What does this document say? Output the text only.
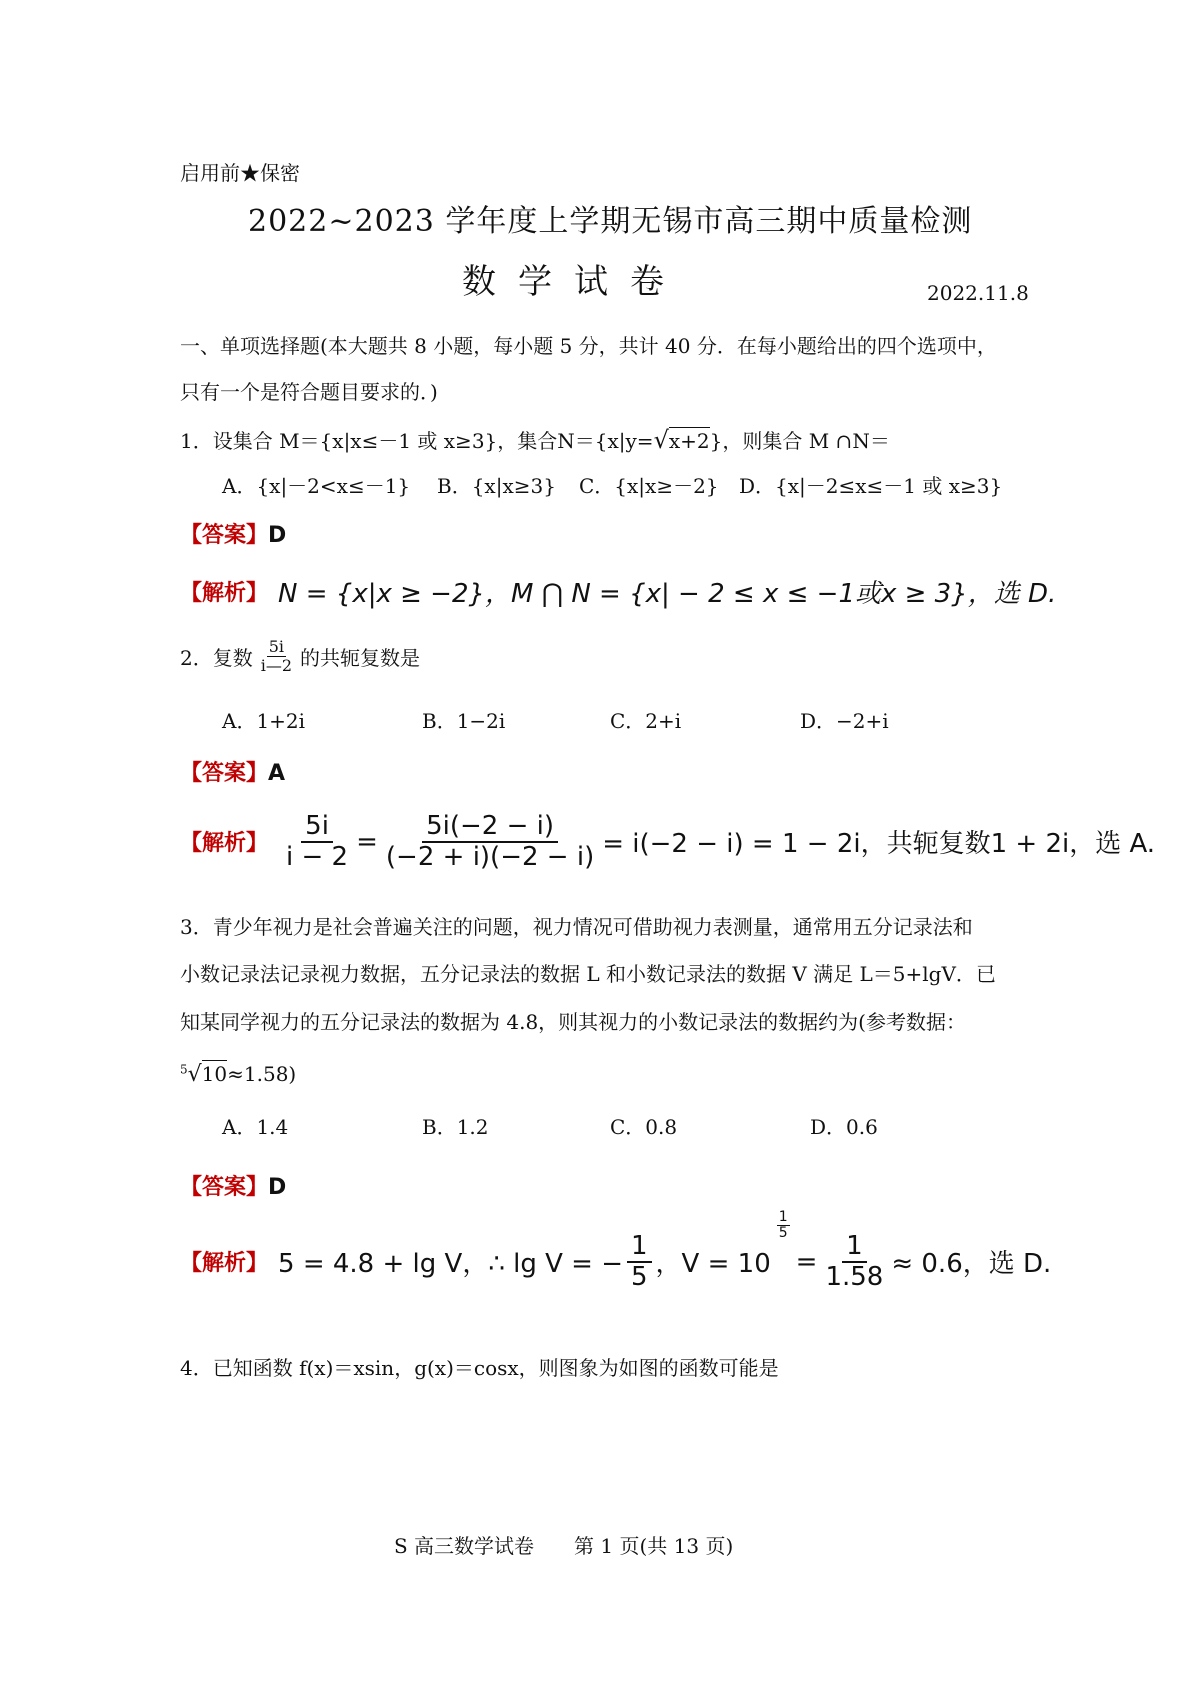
启用前★保密
2022~2023 学年度上学期无锡市高三期中质量检测
数学试卷	2022.11.8
一、单项选择题(本大题共 8 小题，每小题 5 分，共计 40 分．在每小题给出的四个选项中，
只有一个是符合题目要求的．)
1．设集合 M＝{x|x≤－1 或 x≥3}，集合N＝{x|y=√x+2}，则集合 M ∩N＝
A．{x|－2<x≤－1} B．{x|x≥3} C．{x|x≥－2} D．{x|－2≤x≤－1 或 x≥3}
【答案】D
【解析】 N = {x|x ≥ −2}，M ⋂ N = {x| − 2 ≤ x ≤ −1或x ≥ 3}，选 D.
2．复数 $\frac{5i}{i—2}$ 的共轭复数是
A．1+2i	B．1−2i	C．2+i	D．−2+i
【答案】A
【解析】 $\frac{5i}{i - 2} = \frac{5i(-2 - i)}{(-2 + i)(-2 - i)} = i(-2 - i) = 1 - 2i$，共轭复数1 + 2i，选 A.
3．青少年视力是社会普遍关注的问题，视力情况可借助视力表测量，通常用五分记录法和
小数记录法记录视力数据，五分记录法的数据 L 和小数记录法的数据 V 满足 L＝5+lgV．已
知某同学视力的五分记录法的数据为 4.8，则其视力的小数记录法的数据约为(参考数据：
$^5$√10≈1.58)
A．1.4	B．1.2	C．0.8	D．0.6
【答案】D
【解析】 5 = 4.8 + lg V，∴ lg V = − $\frac{1}{5}$ ，V = 10
$\frac{1}{5}$
= $\frac{1}{1.58} \approx 0.6$，选 D.
4．已知函数 f(x)＝xsin，g(x)＝cosx，则图象为如图的函数可能是
S 高三数学试卷　　第 1 页(共 13 页)
